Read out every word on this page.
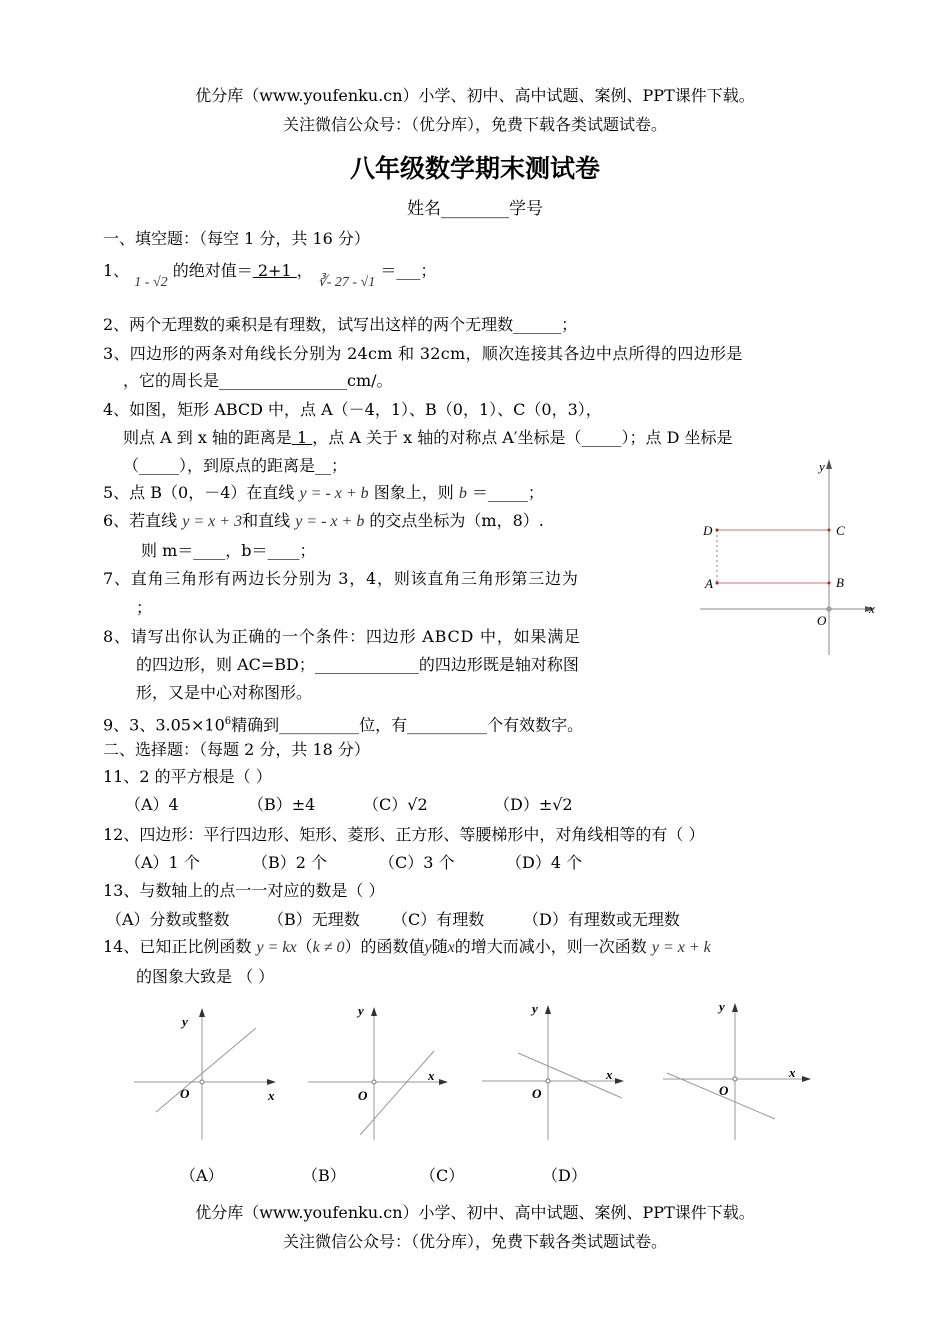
优分库（www.youfenku.cn）小学、初中、高中试题、案例、PPT课件下载。
关注微信公众号：（优分库），免费下载各类试题试卷。
八年级数学期末测试卷
姓名________学号
一、填空题：（每空 1 分，共 16 分）
1、 1 - √2 的绝对值＝ 2+1 ， ∛- 27 - √1 ＝___；
2、两个无理数的乘积是有理数，试写出这样的两个无理数______；
3、四边形的两条对角线长分别为 24cm 和 32cm，顺次连接其各边中点所得的四边形是
，它的周长是________________cm/。
4、如图，矩形 ABCD 中，点 A（－4，1）、B（0，1）、C（0，3），
则点 A 到 x 轴的距离是 1 ，点 A 关于 x 轴的对称点 A′坐标是（_____）；点 D 坐标是
（_____），到原点的距离是__；
5、点 B（0，－4）在直线 y = - x + b 图象上，则 b ＝_____；
6、若直线 y = x + 3和直线 y = - x + b 的交点坐标为（m，8）.
则 m＝____，b＝____；
7、直角三角形有两边长分别为 3，4，则该直角三角形第三边为
；
8、请写出你认为正确的一个条件：四边形 ABCD 中，如果满足
的四边形，则 AC=BD；_____________的四边形既是轴对称图
形，又是中心对称图形。
9、3、$3.05\times 10^6$精确到__________位，有__________个有效数字。
二、选择题：（每题 2 分，共 18 分）
11、2 的平方根是（ ）
（A）4	（B）±4	（C）√2	（D）±√2
12、四边形：平行四边形、矩形、菱形、正方形、等腰梯形中，对角线相等的有（ ）
（A）1 个	（B）2 个	（C）3 个	（D）4 个
13、与数轴上的点一一对应的数是（ ）
（A）分数或整数 （B）无理数 （C）有理数 （D）有理数或无理数
14、已知正比例函数 y = kx（k ≠ 0）的函数值y随x的增大而减小，则一次函数 y = x + k
的图象大致是 （ ）
y
D	C
A	B
O
x
y
O	x
y
O
x
y
O
x
y
O
x
（A）	（B）	（C）	（D）
优分库（www.youfenku.cn）小学、初中、高中试题、案例、PPT课件下载。
关注微信公众号：（优分库），免费下载各类试题试卷。
